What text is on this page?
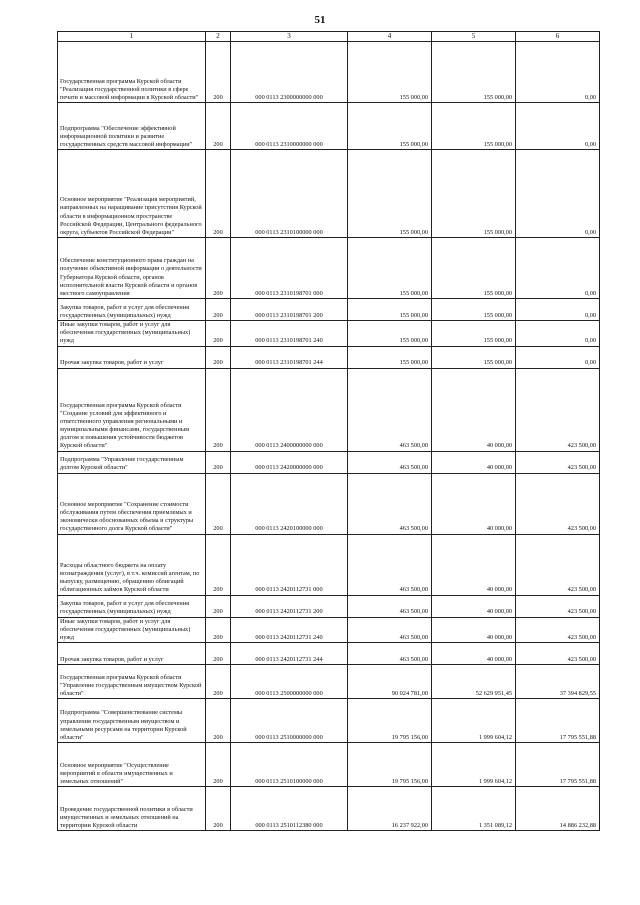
51
1	2	3	4	5	6
Государственная программа Курской области "Реализация государственной политики в сфере печати и массовой информации в Курской области"	200	000 0113 2300000000 000	155 000,00	155 000,00	0,00
Подпрограмма "Обеспечение эффективной информационной политики и развитие государственных средств массовой информации"	200	000 0113 2310000000 000	155 000,00	155 000,00	0,00
Основное мероприятие "Реализация мероприятий, направленных на наращивание присутствия Курской области в информационном пространстве Российской Федерации, Центрального федерального округа, субъектов Российской Федерации"	200	000 0113 2310100000 000	155 000,00	155 000,00	0,00
Обеспечение конституционного права граждан на получение объективной информации о деятельности Губернатора Курской области, органов исполнительной власти Курской области и органов местного самоуправления	200	000 0113 2310198701 000	155 000,00	155 000,00	0,00
Закупка товаров, работ и услуг для обеспечения государственных (муниципальных) нужд	200	000 0113 2310198701 200	155 000,00	155 000,00	0,00
Иные закупки товаров, работ и услуг для обеспечения государственных (муниципальных) нужд	200	000 0113 2310198701 240	155 000,00	155 000,00	0,00
Прочая закупка товаров, работ и услуг	200	000 0113 2310198701 244	155 000,00	155 000,00	0,00
Государственная программа Курской области "Создание условий для эффективного и ответственного управления региональными и муниципальными финансами, государственным долгом и повышения устойчивости бюджетов Курской области"	200	000 0113 2400000000 000	463 500,00	40 000,00	423 500,00
Подпрограмма "Управление государственным долгом Курской области"	200	000 0113 2420000000 000	463 500,00	40 000,00	423 500,00
Основное мероприятие "Сохранение стоимости обслуживания путем обеспечения приемлемых и экономически обоснованных объема и структуры государственного долга Курской области"	200	000 0113 2420100000 000	463 500,00	40 000,00	423 500,00
Расходы областного бюджета на оплату вознаграждения (услуг), в т.ч. комиссий агентам, по выпуску, размещению, обращению облигаций облигационных займов Курской области	200	000 0113 2420112731 000	463 500,00	40 000,00	423 500,00
Закупка товаров, работ и услуг для обеспечения государственных (муниципальных) нужд	200	000 0113 2420112731 200	463 500,00	40 000,00	423 500,00
Иные закупки товаров, работ и услуг для обеспечения государственных (муниципальных) нужд	200	000 0113 2420112731 240	463 500,00	40 000,00	423 500,00
Прочая закупка товаров, работ и услуг	200	000 0113 2420112731 244	463 500,00	40 000,00	423 500,00
Государственная программа Курской области "Управление государственным имуществом Курской области"	200	000 0113 2500000000 000	90 024 781,00	52 629 951,45	37 394 829,55
Подпрограмма "Совершенствование системы управления государственным имуществом и земельными ресурсами на территории Курской области"	200	000 0113 2510000000 000	19 795 156,00	1 999 604,12	17 795 551,88
Основное мероприятие "Осуществление мероприятий в области имущественных и земельных отношений"	200	000 0113 2510100000 000	19 795 156,00	1 999 604,12	17 795 551,88
Проведение государственной политики в области имущественных и земельных отношений на территории Курской области	200	000 0113 2510112380 000	16 237 922,00	1 351 089,12	14 886 232,88
